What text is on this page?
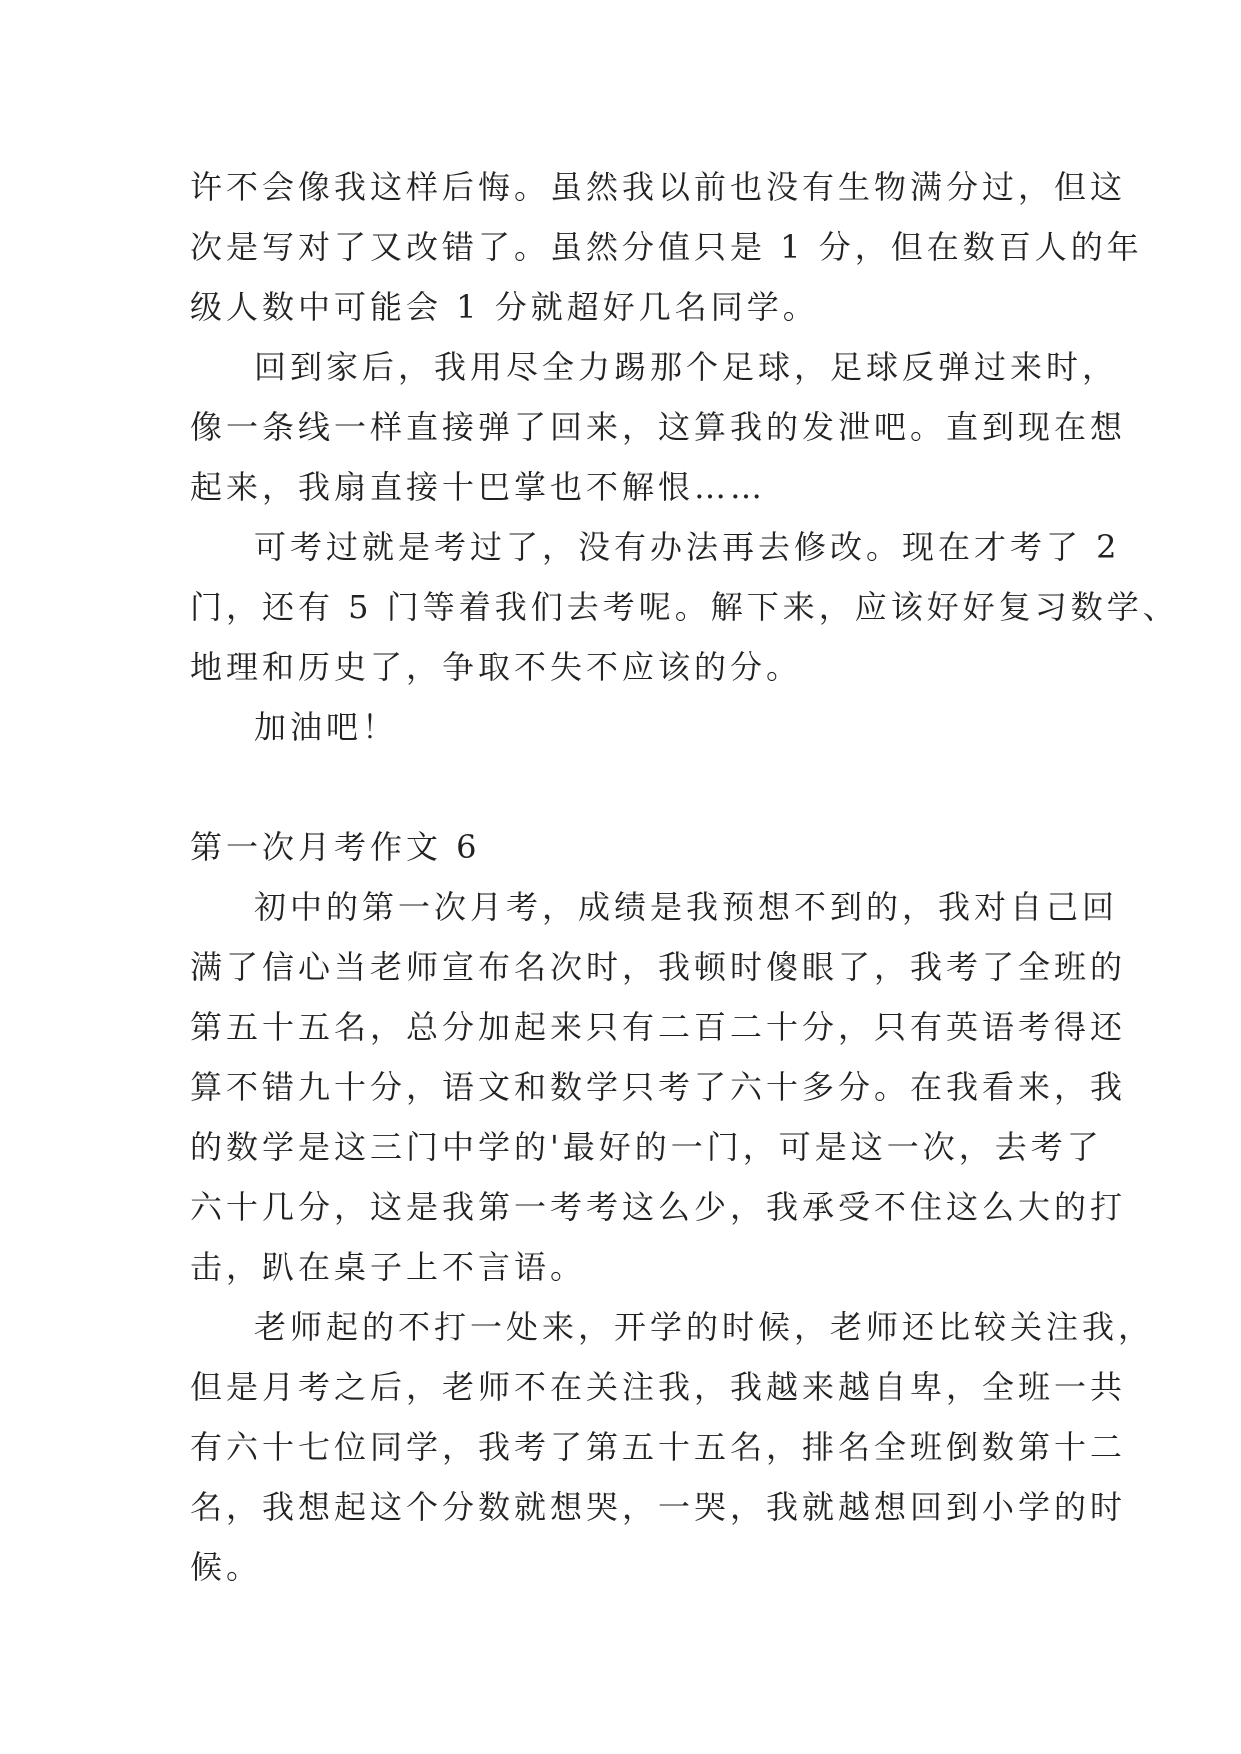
许不会像我这样后悔。虽然我以前也没有生物满分过，但这
次是写对了又改错了。虽然分值只是 1 分，但在数百人的年
级人数中可能会 1 分就超好几名同学。
回到家后，我用尽全力踢那个足球，足球反弹过来时，
像一条线一样直接弹了回来，这算我的发泄吧。直到现在想
起来，我扇直接十巴掌也不解恨……
可考过就是考过了，没有办法再去修改。现在才考了 2
门，还有 5 门等着我们去考呢。解下来，应该好好复习数学、
地理和历史了，争取不失不应该的分。
加油吧！
第一次月考作文 6
初中的第一次月考，成绩是我预想不到的，我对自己回
满了信心当老师宣布名次时，我顿时傻眼了，我考了全班的
第五十五名，总分加起来只有二百二十分，只有英语考得还
算不错九十分，语文和数学只考了六十多分。在我看来，我
的数学是这三门中学的'最好的一门，可是这一次，去考了
六十几分，这是我第一考考这么少，我承受不住这么大的打
击，趴在桌子上不言语。
老师起的不打一处来，开学的时候，老师还比较关注我，
但是月考之后，老师不在关注我，我越来越自卑，全班一共
有六十七位同学，我考了第五十五名，排名全班倒数第十二
名，我想起这个分数就想哭，一哭，我就越想回到小学的时
候。
